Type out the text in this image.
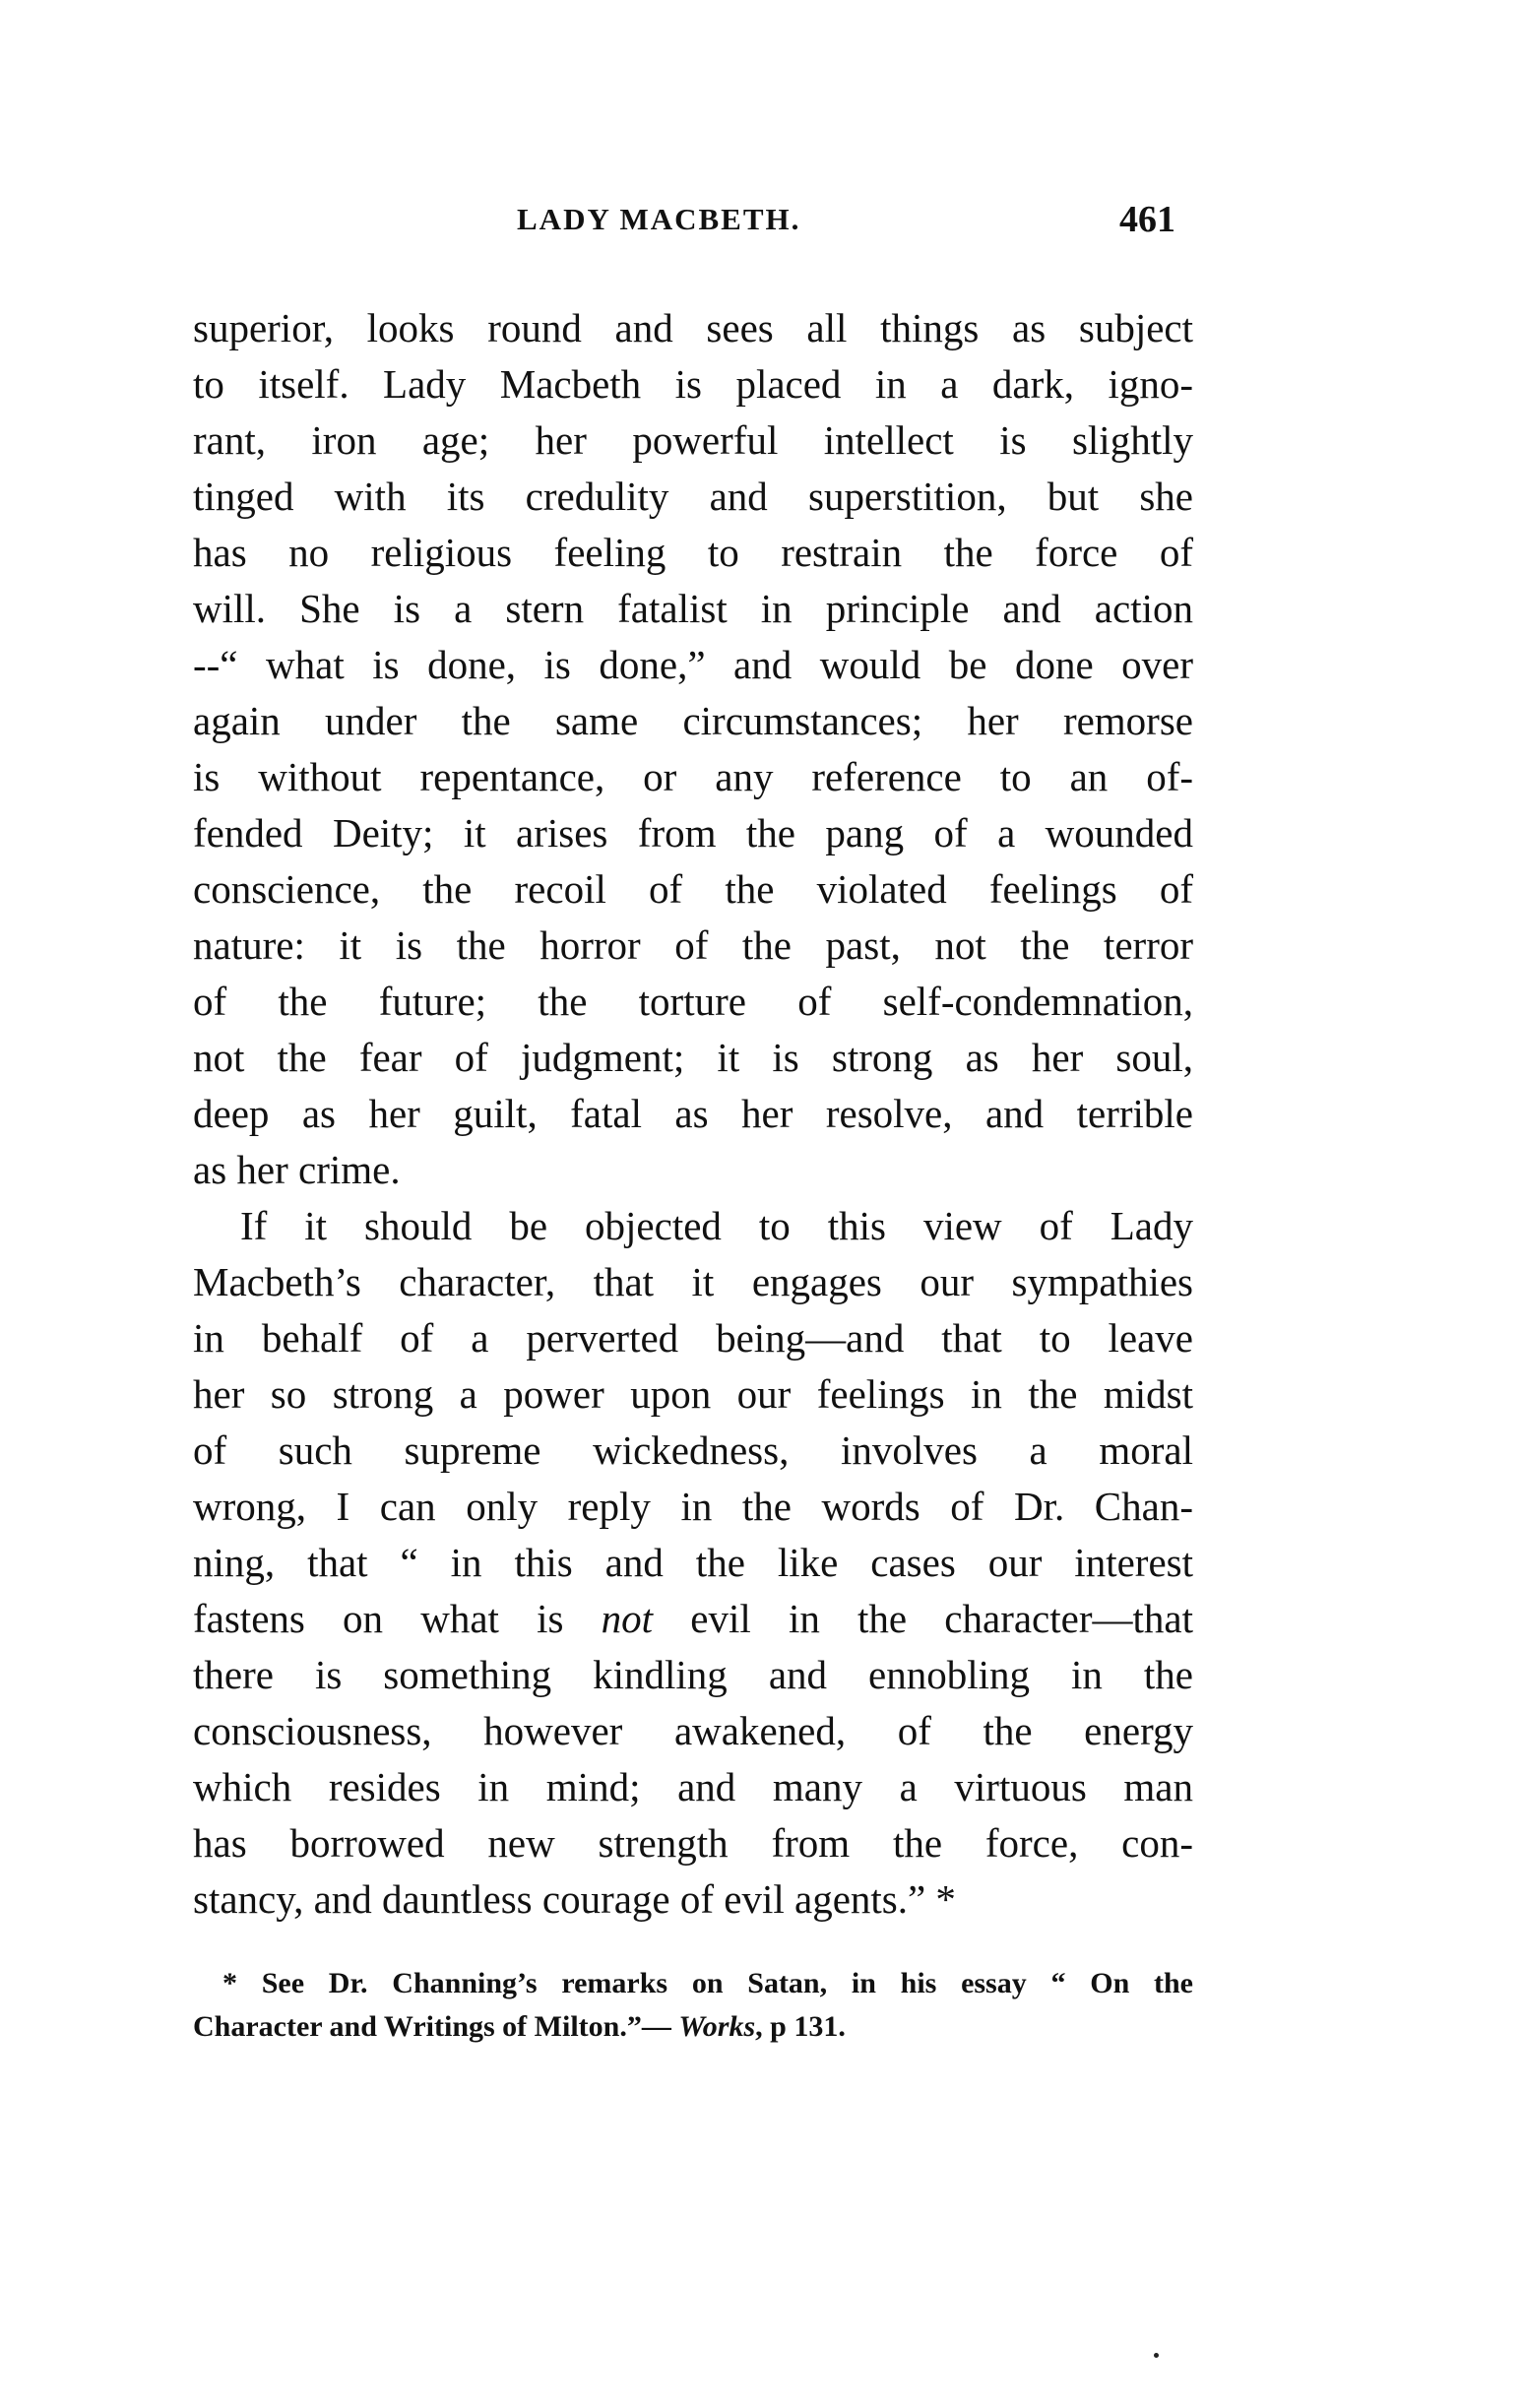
LADY MACBETH.	461
superior, looks round and sees all things as subject
to itself. Lady Macbeth is placed in a dark, igno-
rant, iron age; her powerful intellect is slightly
tinged with its credulity and superstition, but she
has no religious feeling to restrain the force of
will. She is a stern fatalist in principle and action
--“ what is done, is done,” and would be done over
again under the same circumstances; her remorse
is without repentance, or any reference to an of-
fended Deity; it arises from the pang of a wounded
conscience, the recoil of the violated feelings of
nature: it is the horror of the past, not the terror
of the future; the torture of self-condemnation,
not the fear of judgment; it is strong as her soul,
deep as her guilt, fatal as her resolve, and terrible
as her crime.
If it should be objected to this view of Lady
Macbeth’s character, that it engages our sympathies
in behalf of a perverted being—and that to leave
her so strong a power upon our feelings in the midst
of such supreme wickedness, involves a moral
wrong, I can only reply in the words of Dr. Chan-
ning, that “ in this and the like cases our interest
fastens on what is not evil in the character—that
there is something kindling and ennobling in the
consciousness, however awakened, of the energy
which resides in mind; and many a virtuous man
has borrowed new strength from the force, con-
stancy, and dauntless courage of evil agents.” *
* See Dr. Channing’s remarks on Satan, in his essay “ On the
Character and Writings of Milton.”— Works, p 131.
